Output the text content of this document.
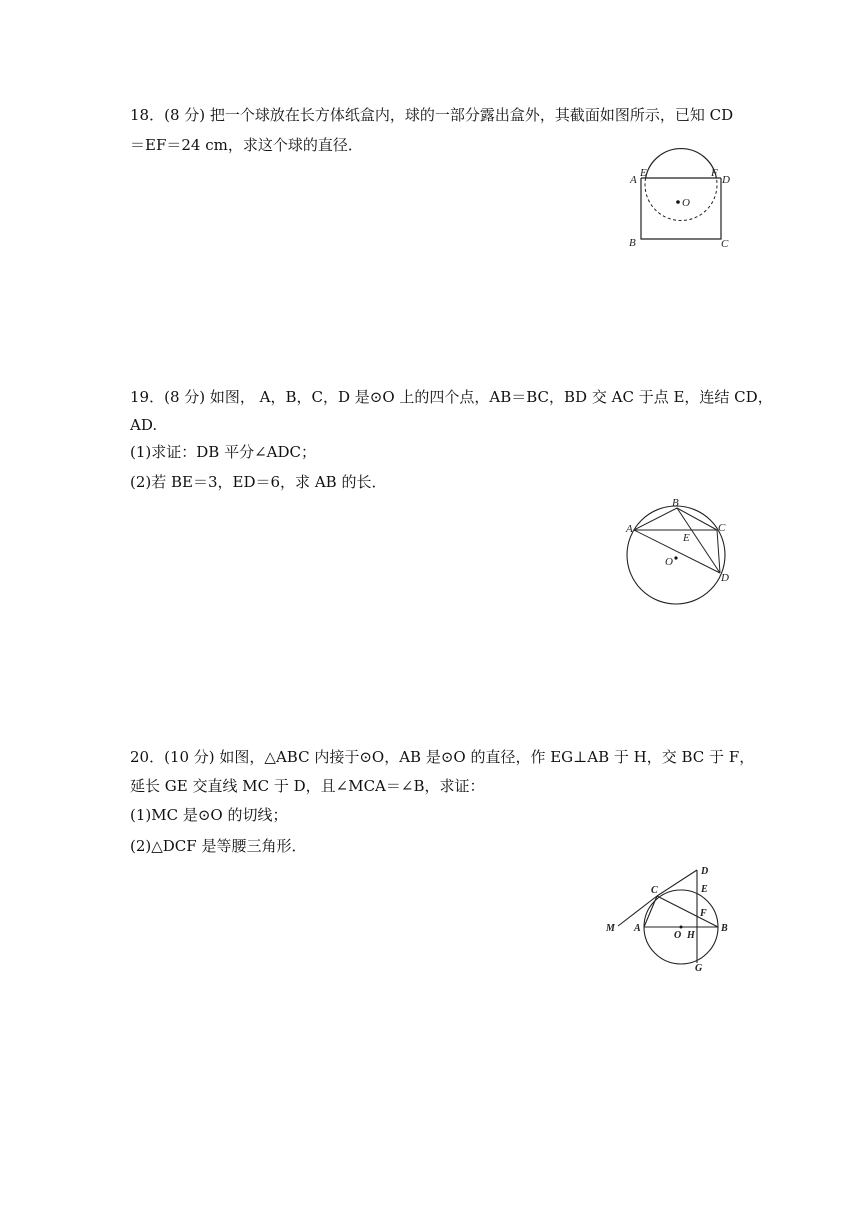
18．(8 分) 把一个球放在长方体纸盒内，球的一部分露出盒外，其截面如图所示，已知 CD
＝EF＝24 cm，求这个球的直径．
E	F
A	D
O
B	C
19．(8 分) 如图， A，B，C，D 是⊙O 上的四个点，AB＝BC，BD 交 AC 于点 E，连结 CD，
AD.
(1)求证：DB 平分∠ADC；
(2)若 BE＝3，ED＝6，求 AB 的长．
B
A	C
E
O
D
20．(10 分) 如图，△ABC 内接于⊙O，AB 是⊙O 的直径，作 EG⊥AB 于 H，交 BC 于 F，
延长 GE 交直线 MC 于 D，且∠MCA＝∠B，求证：
(1)MC 是⊙O 的切线；
(2)△DCF 是等腰三角形．
D
C	E
F
M A
O H
B
G
